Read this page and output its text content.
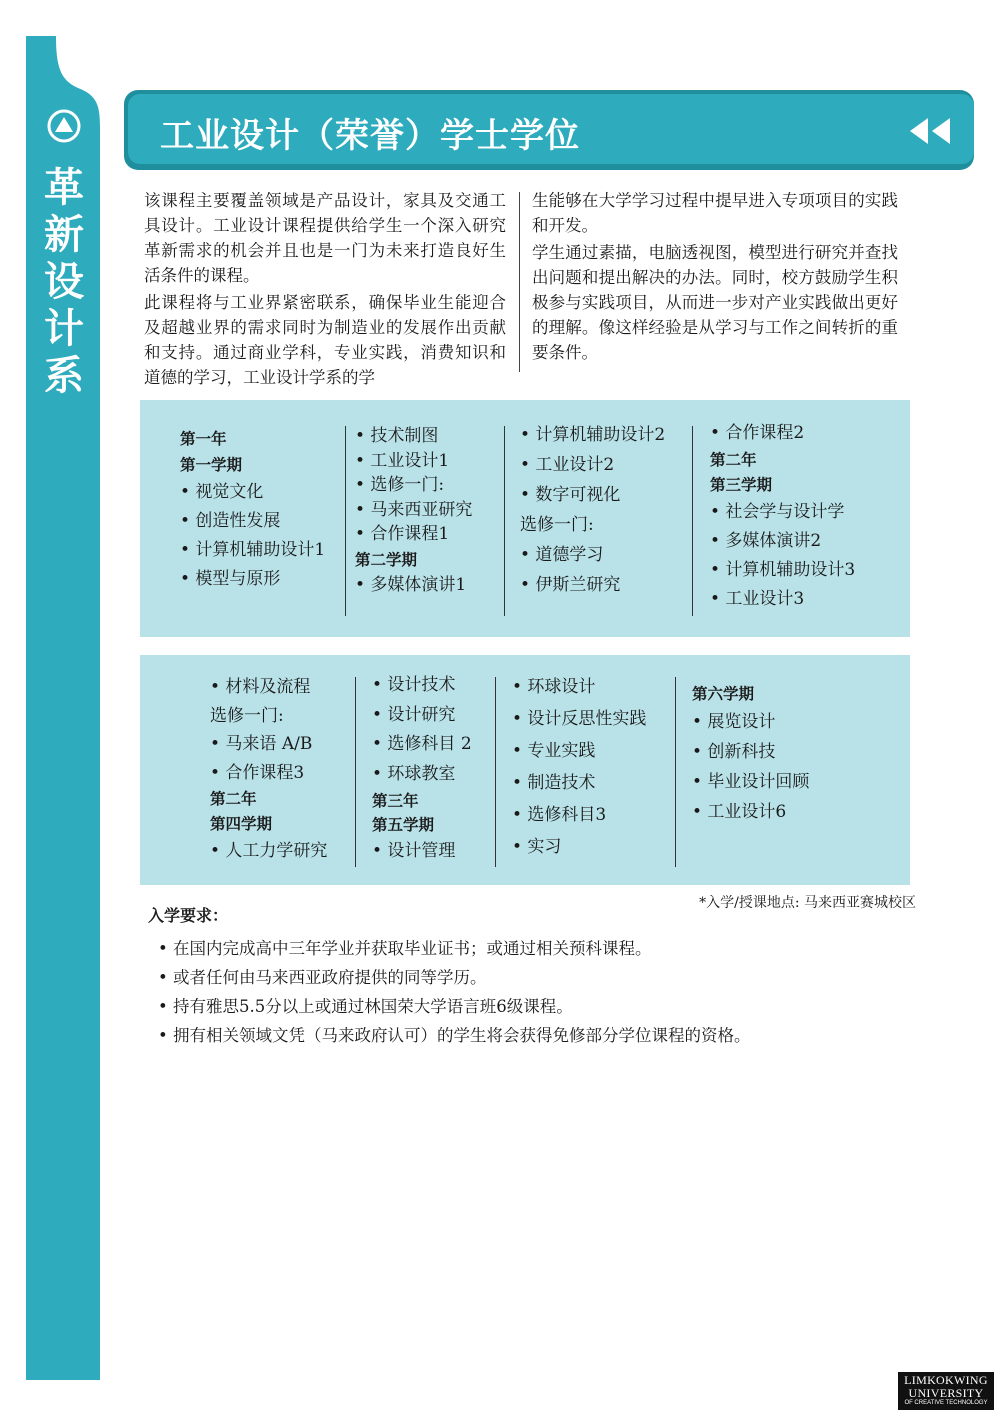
革
新
设
计
系
工业设计（荣誉）学士学位

该课程主要覆盖领域是产品设计，家具及交通工具设计。工业设计课程提供给学生一个深入研究革新需求的机会并且也是一门为未来打造良好生活条件的课程。

此课程将与工业界紧密联系，确保毕业生能迎合及超越业界的需求同时为制造业的发展作出贡献和支持。通过商业学科，专业实践，消费知识和道德的学习，工业设计学系的学

生能够在大学学习过程中提早进入专项项目的实践和开发。

学生通过素描，电脑透视图，模型进行研究并查找出问题和提出解决的办法。同时，校方鼓励学生积极参与实践项目，从而进一步对产业实践做出更好的理解。像这样经验是从学习与工作之间转折的重要条件。

第一年
第一学期
• 视觉文化
• 创造性发展
• 计算机辅助设计1
• 模型与原形
• 技术制图
• 工业设计1
• 选修一门:
• 马来西亚研究
• 合作课程1
第二学期
• 多媒体演讲1
• 计算机辅助设计2
• 工业设计2
• 数字可视化
选修一门:
• 道德学习
• 伊斯兰研究
• 合作课程2
第二年
第三学期
• 社会学与设计学
• 多媒体演讲2
• 计算机辅助设计3
• 工业设计3
• 材料及流程
选修一门:
• 马来语 A/B
• 合作课程3
第二年
第四学期
• 人工力学研究
• 设计技术
• 设计研究
• 选修科目 2
• 环球教室
第三年
第五学期
• 设计管理
• 环球设计
• 设计反思性实践
• 专业实践
• 制造技术
• 选修科目3
• 实习
第六学期
• 展览设计
• 创新科技
• 毕业设计回顾
• 工业设计6
*入学/授课地点: 马来西亚赛城校区
入学要求：
• 在国内完成高中三年学业并获取毕业证书；或通过相关预科课程。
• 或者任何由马来西亚政府提供的同等学历。
• 持有雅思5.5分以上或通过林国荣大学语言班6级课程。
• 拥有相关领域文凭（马来政府认可）的学生将会获得免修部分学位课程的资格。
LIMKOKWING
UNIVERSITY
OF CREATIVE TECHNOLOGY
